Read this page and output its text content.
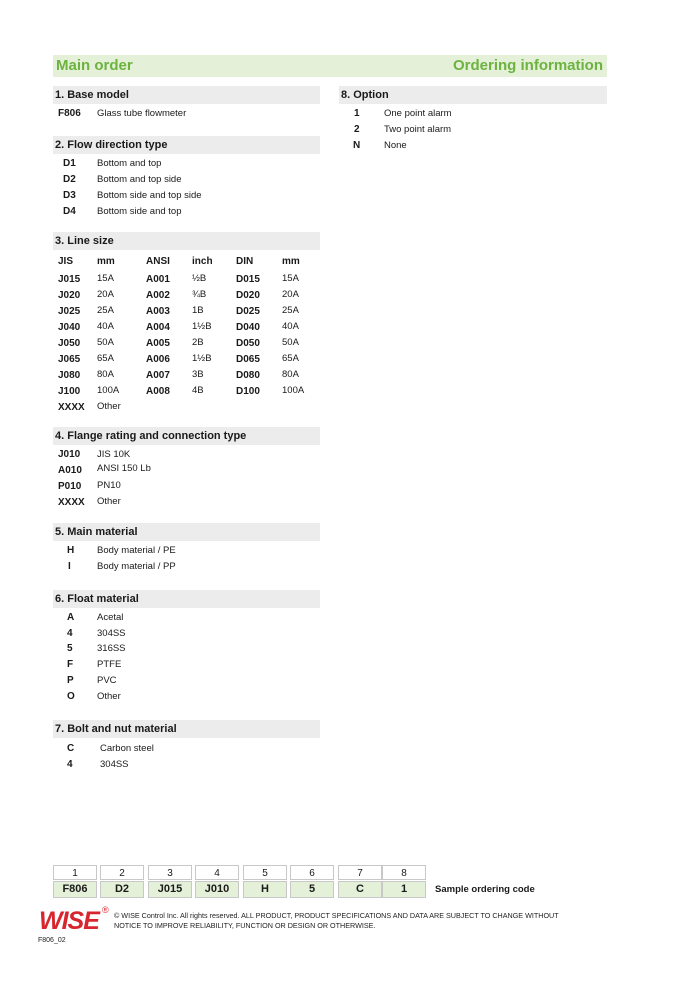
Main order	Ordering information
1. Base model
F806 Glass tube flowmeter
2. Flow direction type
D1 Bottom and top
D2 Bottom and top side
D3 Bottom side and top side
D4 Bottom side and top
3. Line size
JIS mm	ANSI inch DIN	mm
J015 15A	A001 ½B	D015 15A
J020 20A	A002 ¾B	D020 20A
J025 25A	A003 1B	D025 25A
J040 40A	A004 1½B D040 40A
J050 50A	A005 2B	D050 50A
J065 65A	A006 1½B D065 65A
J080 80A	A007 3B	D080 80A
J100 100A	A008 4B	D100 100A
XXXX Other
4. Flange rating and connection type
J010 JIS 10K
A010 ANSI 150 Lb
P010 PN10
XXXX Other
5. Main material
H Body material / PE
I	Body material / PP
6. Float material
A Acetal
4	304SS
5	316SS
F	PTFE
P PVC
O Other
7. Bolt and nut material
C	Carbon steel
4	304SS
8. Option
1	One point alarm
2	Two point alarm
N	None
1	2	3	4	5	6	7	8
F806	D2	J015	J010	H	5	C	1	Sample ordering code
WISE ®
© WISE Control Inc. All rights reserved. ALL PRODUCT, PRODUCT SPECIFICATIONS AND DATA ARE SUBJECT TO CHANGE WITHOUT
NOTICE TO IMPROVE RELIABILITY, FUNCTION OR DESIGN OR OTHERWISE.
F806_02
